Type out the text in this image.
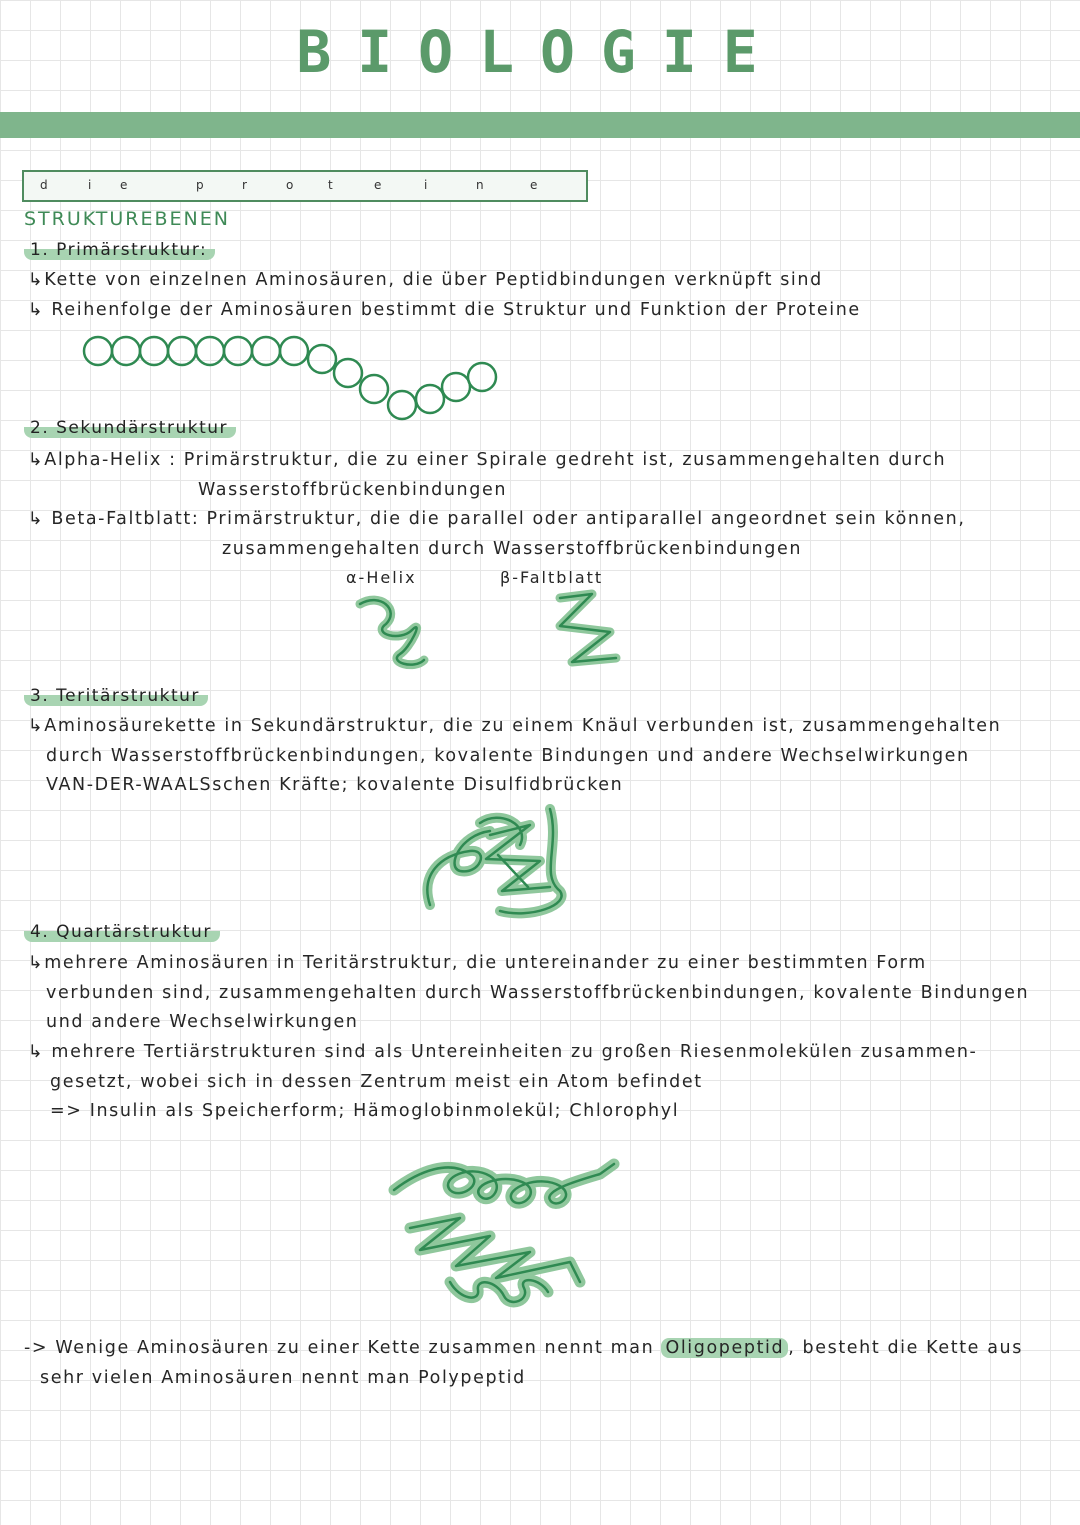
BIOLOGIE
d	i e	p	r	o	t	e	i	n	e
STRUKTUREBENEN
1. Primärstruktur:
↳Kette von einzelnen Aminosäuren, die über Peptidbindungen verknüpft sind
↳ Reihenfolge der Aminosäuren bestimmt die Struktur und Funktion der Proteine
2. Sekundärstruktur
↳Alpha-Helix : Primärstruktur, die zu einer Spirale gedreht ist, zusammengehalten durch
Wasserstoffbrückenbindungen
↳ Beta-Faltblatt: Primärstruktur, die die parallel oder antiparallel angeordnet sein können,
zusammengehalten durch Wasserstoffbrückenbindungen
α-Helix	β-Faltblatt
3. Teritärstruktur
↳Aminosäurekette in Sekundärstruktur, die zu einem Knäul verbunden ist, zusammengehalten
durch Wasserstoffbrückenbindungen, kovalente Bindungen und andere Wechselwirkungen
VAN-DER-WAALSschen Kräfte; kovalente Disulfidbrücken
4. Quartärstruktur
↳mehrere Aminosäuren in Teritärstruktur, die untereinander zu einer bestimmten Form
verbunden sind, zusammengehalten durch Wasserstoffbrückenbindungen, kovalente Bindungen
und andere Wechselwirkungen
↳ mehrere Tertiärstrukturen sind als Untereinheiten zu großen Riesenmolekülen zusammen-
gesetzt, wobei sich in dessen Zentrum meist ein Atom befindet
=> Insulin als Speicherform; Hämoglobinmolekül; Chlorophyl
-> Wenige Aminosäuren zu einer Kette zusammen nennt man Oligopeptid , besteht die Kette aus
sehr vielen Aminosäuren nennt man Polypeptid
